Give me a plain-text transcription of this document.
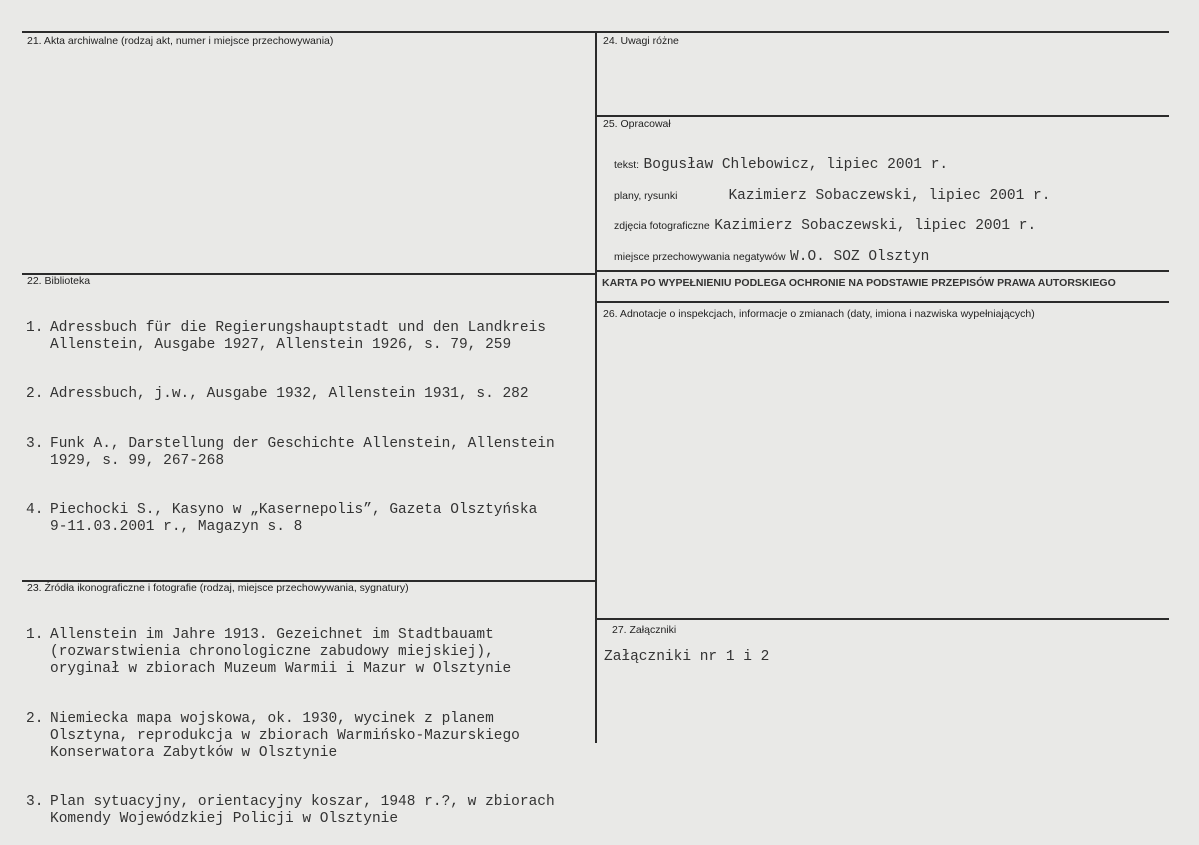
21. Akta archiwalne (rodzaj akt, numer i miejsce przechowywania)
22. Biblioteka

1. Adressbuch für die Regierungshauptstadt und den Landkreis
Allenstein, Ausgabe 1927, Allenstein 1926, s. 79, 259

2. Adressbuch, j.w., Ausgabe 1932, Allenstein 1931, s. 282

3. Funk A., Darstellung der Geschichte Allenstein, Allenstein
1929, s. 99, 267-268

4. Piechocki S., Kasyno w „Kasernepolis”, Gazeta Olsztyńska
9-11.03.2001 r., Magazyn s. 8

23. Źródła ikonograficzne i fotografie (rodzaj, miejsce przechowywania, sygnatury)

1. Allenstein im Jahre 1913. Gezeichnet im Stadtbauamt
(rozwarstwienia chronologiczne zabudowy miejskiej),
oryginał w zbiorach Muzeum Warmii i Mazur w Olsztynie

2. Niemiecka mapa wojskowa, ok. 1930, wycinek z planem
Olsztyna, reprodukcja w zbiorach Warmińsko-Mazurskiego
Konserwatora Zabytków w Olsztynie

3. Plan sytuacyjny, orientacyjny koszar, 1948 r.?, w zbiorach
Komendy Wojewódzkiej Policji w Olsztynie

24. Uwagi różne
25. Opracował
tekst: Bogusław Chlebowicz, lipiec 2001 r.
plany, rysunki	Kazimierz Sobaczewski, lipiec 2001 r.
zdjęcia fotograficzne Kazimierz Sobaczewski, lipiec 2001 r.
miejsce przechowywania negatywów W.O. SOZ Olsztyn
KARTA PO WYPEŁNIENIU PODLEGA OCHRONIE NA PODSTAWIE PRZEPISÓW PRAWA AUTORSKIEGO
26. Adnotacje o inspekcjach, informacje o zmianach (daty, imiona i nazwiska wypełniających)
27. Załączniki
Załączniki nr 1 i 2
